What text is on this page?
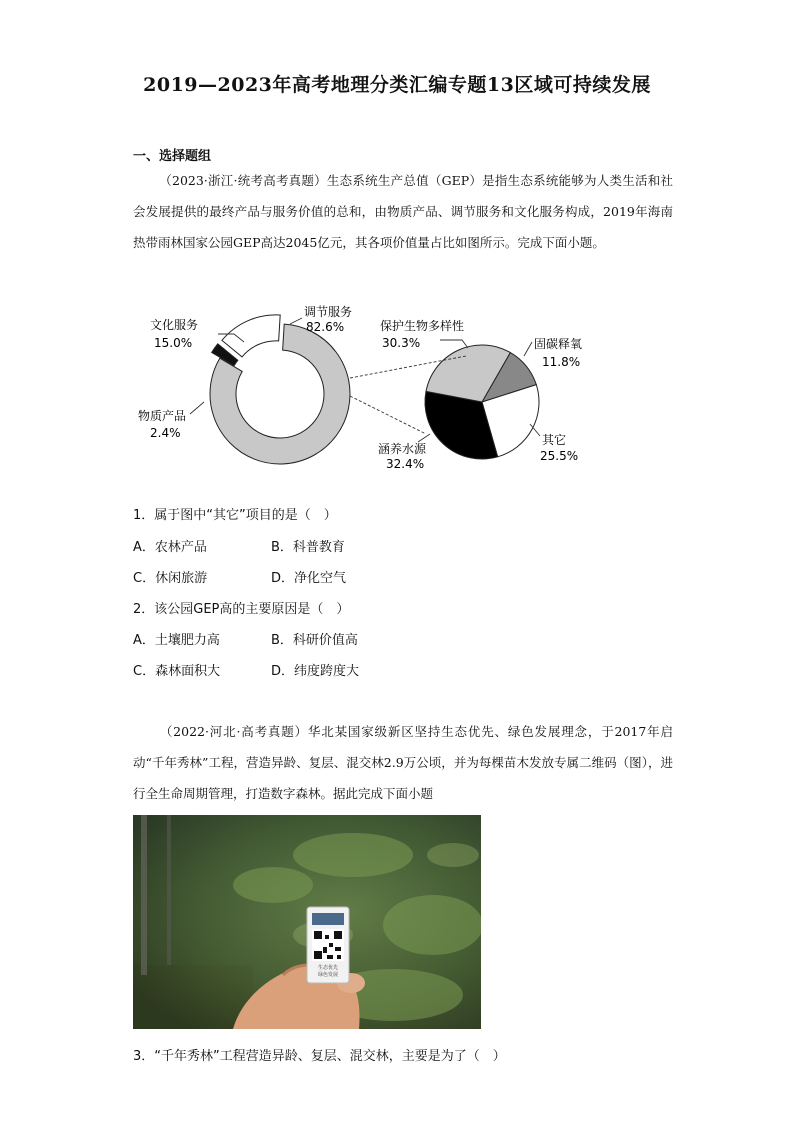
2019—2023年高考地理分类汇编专题13区域可持续发展
一、选择题组
（2023·浙江·统考高考真题）生态系统生产总值（GEP）是指生态系统能够为人类生活和社会发展提供的最终产品与服务价值的总和，由物质产品、调节服务和文化服务构成，2019年海南热带雨林国家公园GEP高达2045亿元，其各项价值量占比如图所示。完成下面小题。
文化服务
15.0%
调节服务
82.6%
物质产品
2.4%
保护生物多样性
30.3%	固碳释氧
11.8%
其它
25.5%
涵养水源
32.4%
1．属于图中“其它”项目的是（　）
A．农林产品	B．科普教育
C．休闲旅游	D．净化空气
2．该公园GEP高的主要原因是（　）
A．土壤肥力高	B．科研价值高
C．森林面积大	D．纬度跨度大
（2022·河北·高考真题）华北某国家级新区坚持生态优先、绿色发展理念，于2017年启动“千年秀林”工程，营造异龄、复层、混交林2.9万公顷，并为每棵苗木发放专属二维码（图），进行全生命周期管理，打造数字森林。据此完成下面小题
生态优先
绿色发展
3．“千年秀林”工程营造异龄、复层、混交林，主要是为了（　）
